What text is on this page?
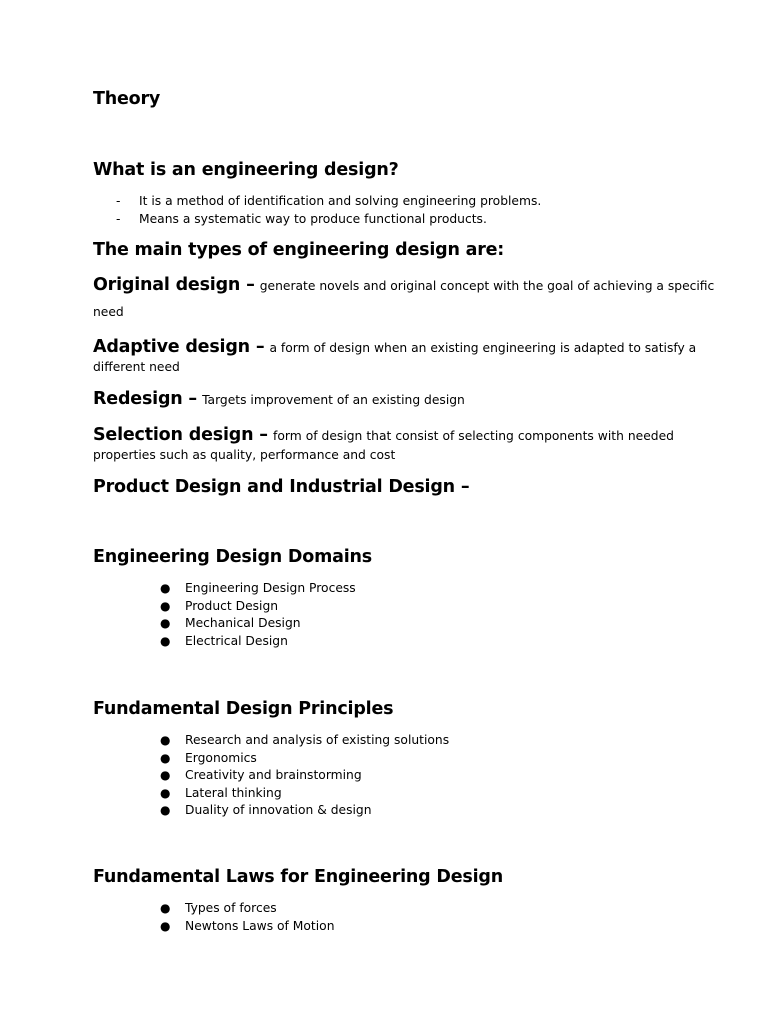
Theory
What is an engineering design?
- It is a method of identification and solving engineering problems.
- Means a systematic way to produce functional products.
The main types of engineering design are:
Original design – generate novels and original concept with the goal of achieving a specific
need
Adaptive design – a form of design when an existing engineering is adapted to satisfy a
different need
Redesign – Targets improvement of an existing design
Selection design – form of design that consist of selecting components with needed
properties such as quality, performance and cost
Product Design and Industrial Design –
Engineering Design Domains
● Engineering Design Process
● Product Design
● Mechanical Design
● Electrical Design
Fundamental Design Principles
● Research and analysis of existing solutions
● Ergonomics
● Creativity and brainstorming
● Lateral thinking
● Duality of innovation & design
Fundamental Laws for Engineering Design
● Types of forces
● Newtons Laws of Motion
